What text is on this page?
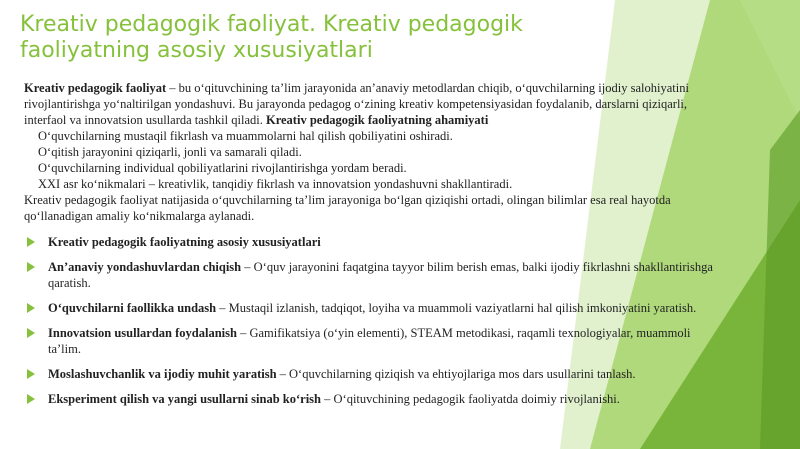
Kreativ pedagogik faoliyat. Kreativ pedagogik faoliyatning asosiy xususiyatlari

Kreativ pedagogik faoliyat – bu o‘qituvchining ta’lim jarayonida an’anaviy metodlardan chiqib, o‘quvchilarning ijodiy salohiyatini rivojlantirishga yo‘naltirilgan yondashuvi. Bu jarayonda pedagog o‘zining kreativ kompetensiyasidan foydalanib, darslarni qiziqarli, interfaol va innovatsion usullarda tashkil qiladi. Kreativ pedagogik faoliyatning ahamiyati

O‘quvchilarning mustaqil fikrlash va muammolarni hal qilish qobiliyatini oshiradi.

O‘qitish jarayonini qiziqarli, jonli va samarali qiladi.

O‘quvchilarning individual qobiliyatlarini rivojlantirishga yordam beradi.

XXI asr ko‘nikmalari – kreativlik, tanqidiy fikrlash va innovatsion yondashuvni shakllantiradi.

Kreativ pedagogik faoliyat natijasida o‘quvchilarning ta’lim jarayoniga bo‘lgan qiziqishi ortadi, olingan bilimlar esa real hayotda qo‘llanadigan amaliy ko‘nikmalarga aylanadi.

Kreativ pedagogik faoliyatning asosiy xususiyatlari
An’anaviy yondashuvlardan chiqish – O‘quv jarayonini faqatgina tayyor bilim berish emas, balki ijodiy fikrlashni shakllantirishga qaratish.
O‘quvchilarni faollikka undash – Mustaqil izlanish, tadqiqot, loyiha va muammoli vaziyatlarni hal qilish imkoniyatini yaratish.
Innovatsion usullardan foydalanish – Gamifikatsiya (o‘yin elementi), STEAM metodikasi, raqamli texnologiyalar, muammoli ta’lim.
Moslashuvchanlik va ijodiy muhit yaratish – O‘quvchilarning qiziqish va ehtiyojlariga mos dars usullarini tanlash.
Eksperiment qilish va yangi usullarni sinab ko‘rish – O‘qituvchining pedagogik faoliyatda doimiy rivojlanishi.
